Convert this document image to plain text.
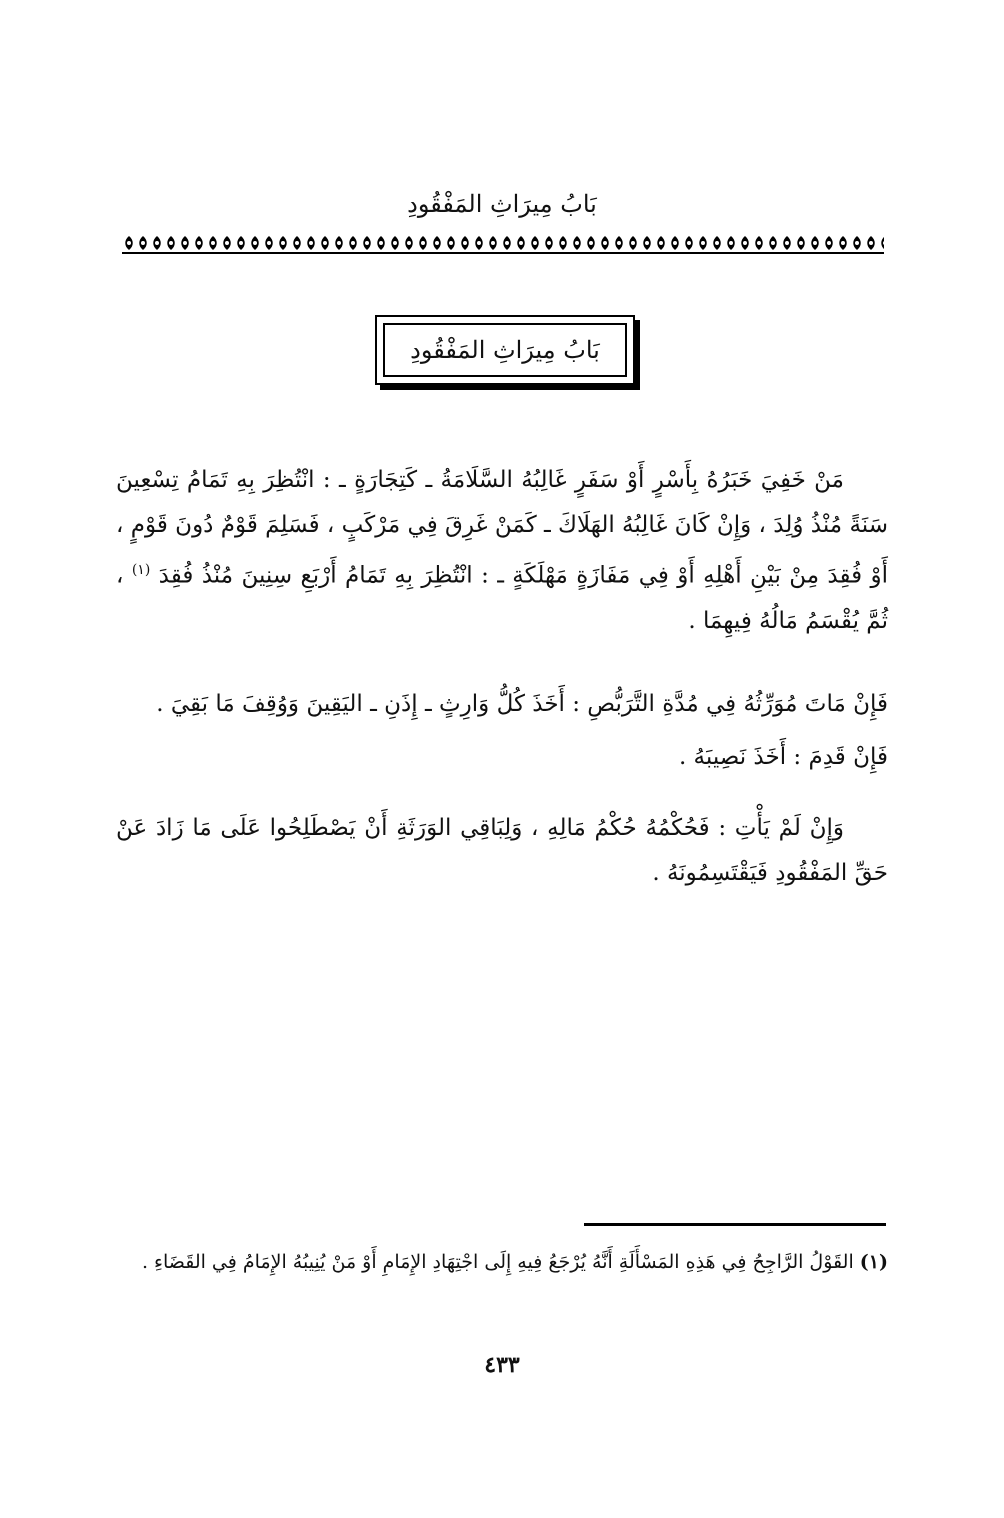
بَابُ مِيرَاثِ المَفْقُودِ
بَابُ مِيرَاثِ المَفْقُودِ
مَنْ خَفِيَ خَبَرُهُ بِأَسْرٍ أَوْ سَفَرٍ غَالِبُهُ السَّلَامَةُ ـ كَتِجَارَةٍ ـ : انْتُظِرَ بِهِ تَمَامُ تِسْعِينَ سَنَةً مُنْذُ وُلِدَ ، وَإِنْ كَانَ غَالِبُهُ الهَلَاكَ ـ كَمَنْ غَرِقَ فِي مَرْكَبٍ ، فَسَلِمَ قَوْمٌ دُونَ قَوْمٍ ، أَوْ فُقِدَ مِنْ بَيْنِ أَهْلِهِ أَوْ فِي مَفَازَةٍ مَهْلَكَةٍ ـ : انْتُظِرَ بِهِ تَمَامُ أَرْبَعِ سِنِينَ مُنْذُ فُقِدَ $^{(١)}$ ، ثُمَّ يُقْسَمُ مَالُهُ فِيهِمَا .
فَإِنْ مَاتَ مُوَرِّثُهُ فِي مُدَّةِ التَّرَبُّصِ : أَخَذَ كُلُّ وَارِثٍ ـ إِذَنِ ـ اليَقِينَ وَوُقِفَ مَا بَقِيَ .
فَإِنْ قَدِمَ : أَخَذَ نَصِيبَهُ .
وَإِنْ لَمْ يَأْتِ : فَحُكْمُهُ حُكْمُ مَالِهِ ، وَلِبَاقِي الوَرَثَةِ أَنْ يَصْطَلِحُوا عَلَى مَا زَادَ عَنْ حَقِّ المَفْقُودِ فَيَقْتَسِمُونَهُ .
(١) القَوْلُ الرَّاجِحُ فِي هَذِهِ المَسْأَلَةِ أَنَّهُ يُرْجَعُ فِيهِ إِلَى اجْتِهَادِ الإِمَامِ أَوْ مَنْ يُنِيبُهُ الإِمَامُ فِي القَضَاءِ .
٤٣٣
